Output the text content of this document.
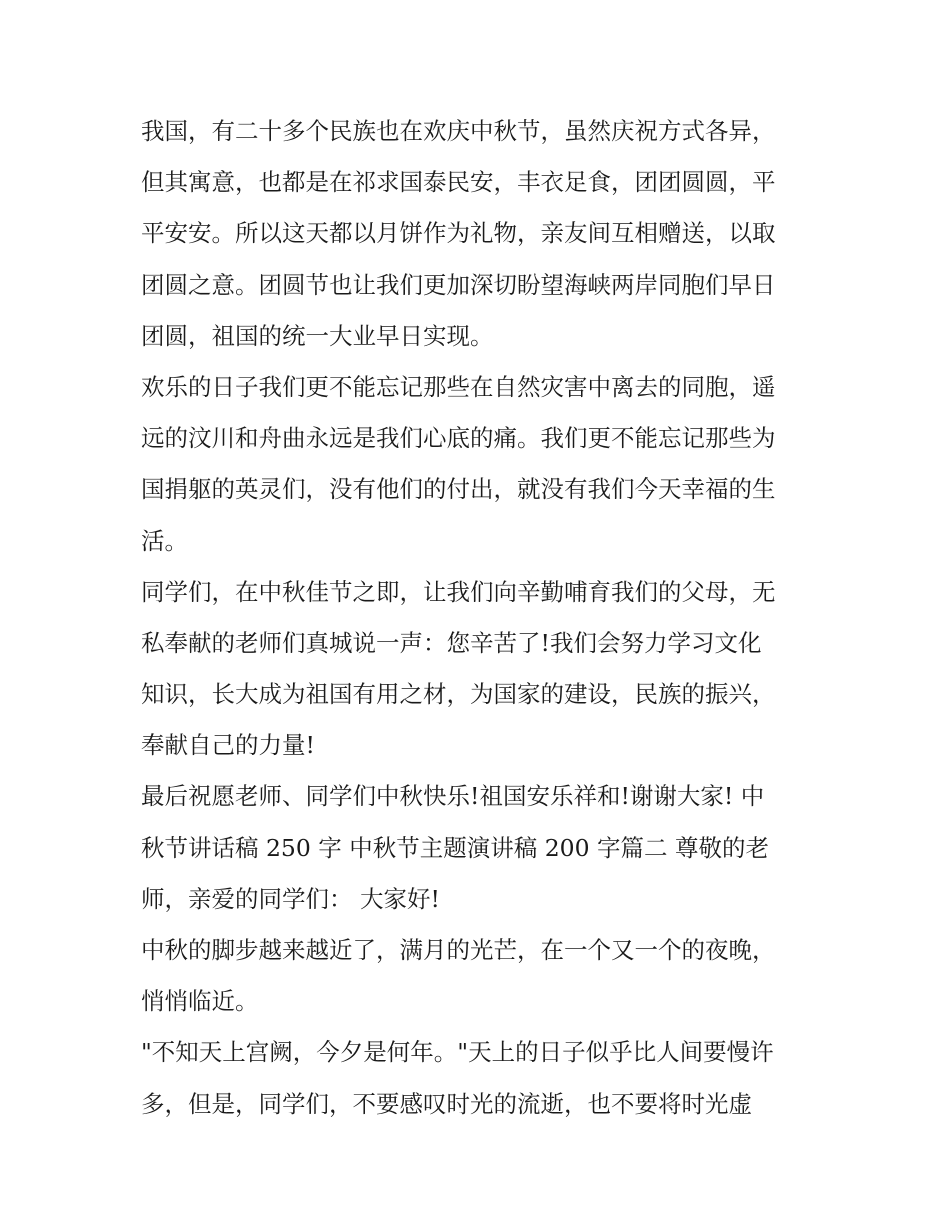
我国，有二十多个民族也在欢庆中秋节，虽然庆祝方式各异，
但其寓意，也都是在祁求国泰民安，丰衣足食，团团圆圆，平
平安安。所以这天都以月饼作为礼物，亲友间互相赠送，以取
团圆之意。团圆节也让我们更加深切盼望海峡两岸同胞们早日
团圆，祖国的统一大业早日实现。
欢乐的日子我们更不能忘记那些在自然灾害中离去的同胞，遥
远的汶川和舟曲永远是我们心底的痛。我们更不能忘记那些为
国捐躯的英灵们，没有他们的付出，就没有我们今天幸福的生
活。
同学们，在中秋佳节之即，让我们向辛勤哺育我们的父母，无
私奉献的老师们真城说一声：您辛苦了!我们会努力学习文化
知识，长大成为祖国有用之材，为国家的建设，民族的振兴，
奉献自己的力量!
最后祝愿老师、同学们中秋快乐!祖国安乐祥和!谢谢大家! 中
秋节讲话稿 250 字 中秋节主题演讲稿 200 字篇二 尊敬的老
师，亲爱的同学们： 大家好!
中秋的脚步越来越近了，满月的光芒，在一个又一个的夜晚，
悄悄临近。
"不知天上宫阙，今夕是何年。"天上的日子似乎比人间要慢许
多，但是，同学们，不要感叹时光的流逝，也不要将时光虚
